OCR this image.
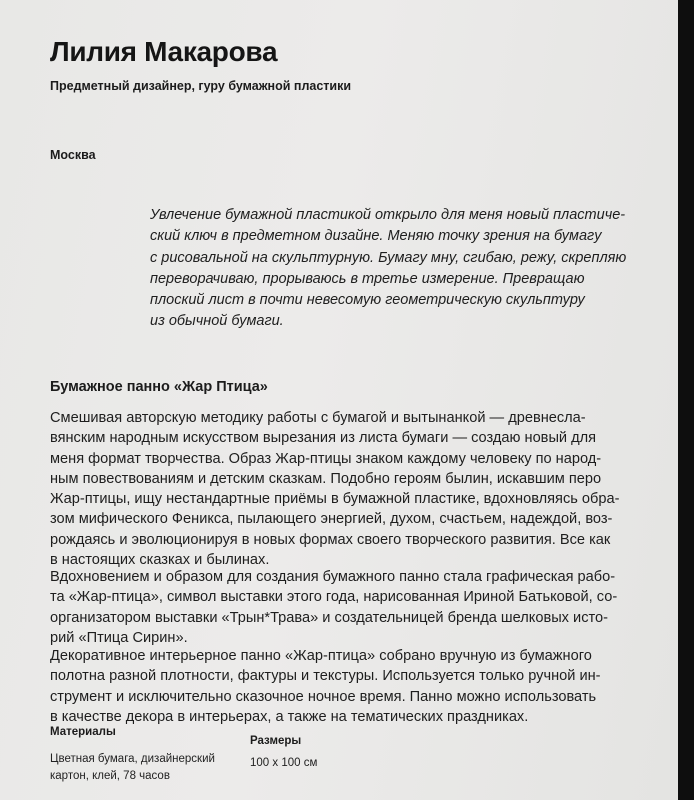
Лилия Макарова

Предметный дизайнер, гуру бумажной пластики

Москва

Увлечение бумажной пластикой открыло для меня новый пластиче-
ский ключ в предметном дизайне. Меняю точку зрения на бумагу
с рисовальной на скульптурную. Бумагу мну, сгибаю, режу, скрепляю
переворачиваю, прорываюсь в третье измерение. Превращаю
плоский лист в почти невесомую геометрическую скульптуру
из обычной бумаги.

Бумажное панно «Жар Птица»

Смешивая авторскую методику работы с бумагой и вытынанкой — древнесла-
вянским народным искусством вырезания из листа бумаги — создаю новый для
меня формат творчества. Образ Жар-птицы знаком каждому человеку по народ-
ным повествованиям и детским сказкам. Подобно героям былин, искавшим перо
Жар-птицы, ищу нестандартные приёмы в бумажной пластике, вдохновляясь обра-
зом мифического Феникса, пылающего энергией, духом, счастьем, надеждой, воз-
рождаясь и эволюционируя в новых формах своего творческого развития. Все как
в настоящих сказках и былинах.

Вдохновением и образом для создания бумажного панно стала графическая рабо-
та «Жар-птица», символ выставки этого года, нарисованная Ириной Батьковой, со-
организатором выставки «Трын*Трава» и создательницей бренда шелковых исто-
рий «Птица Сирин».

Декоративное интерьерное панно «Жар-птица» собрано вручную из бумажного
полотна разной плотности, фактуры и текстуры. Используется только ручной ин-
струмент и исключительно сказочное ночное время. Панно можно использовать
в качестве декора в интерьерах, а также на тематических праздниках.

Материалы

Цветная бумага, дизайнерский
картон, клей, 78 часов

Размеры

100 x 100 см
